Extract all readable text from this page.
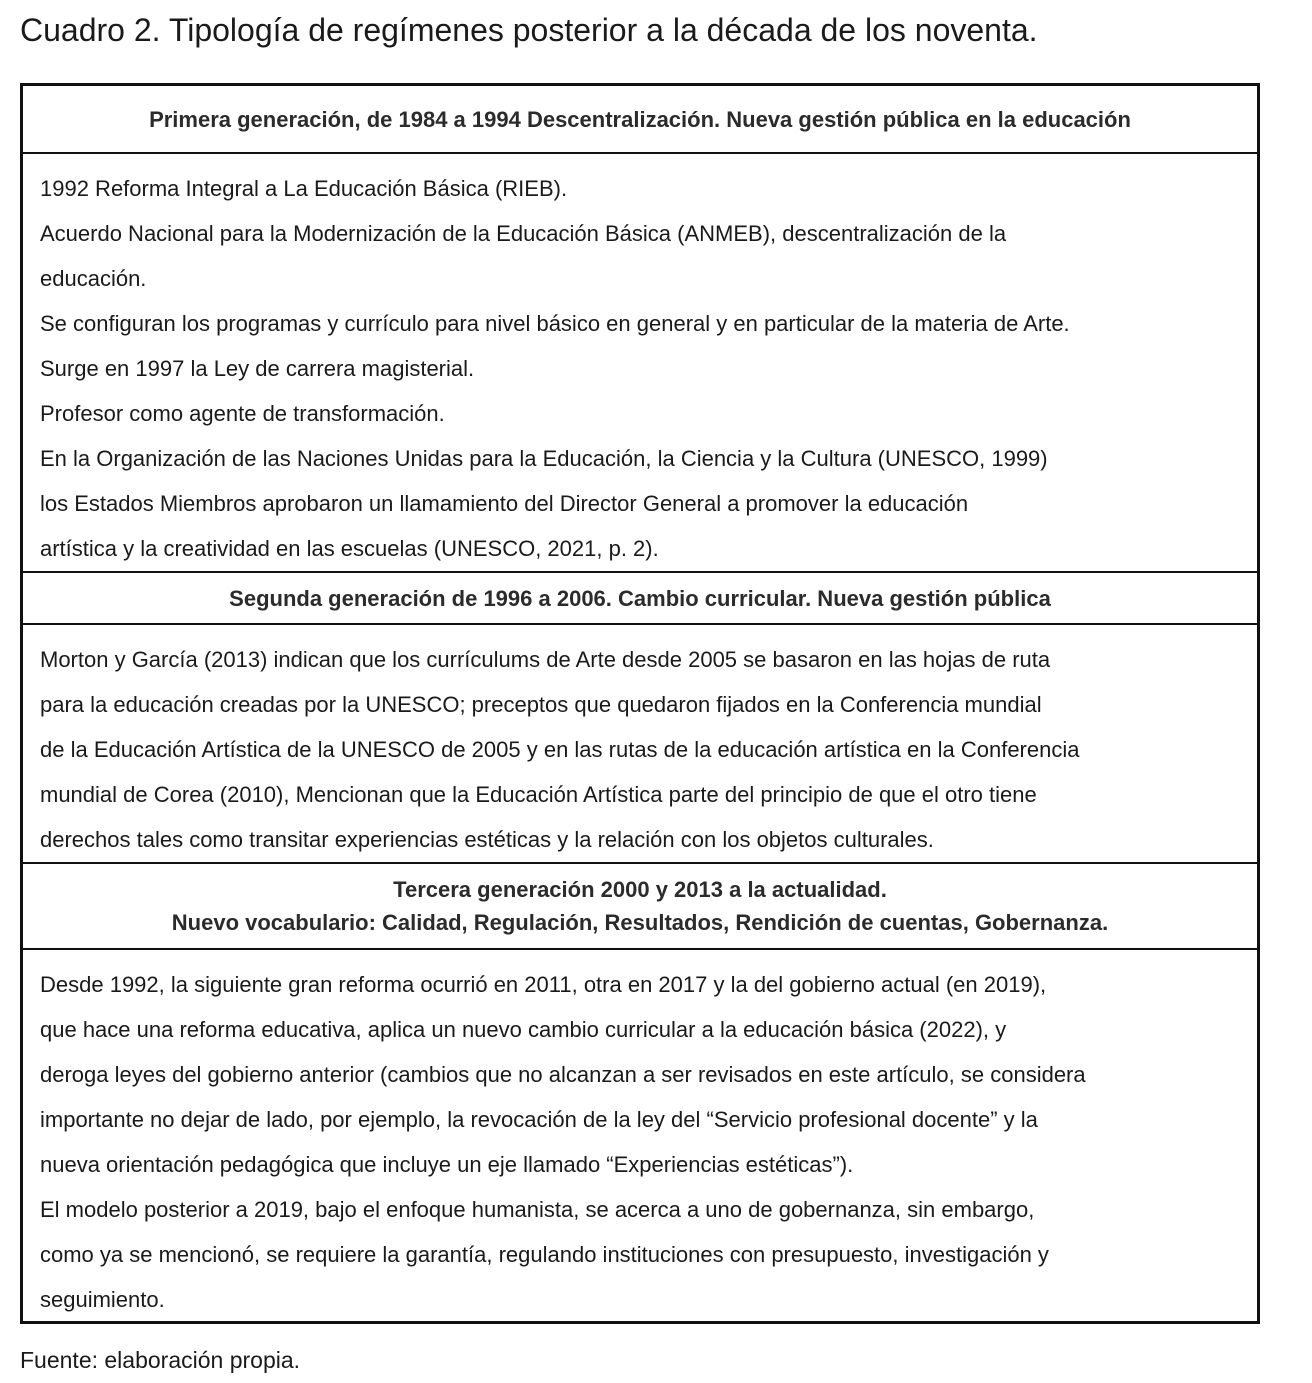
Cuadro 2. Tipología de regímenes posterior a la década de los noventa.
Primera generación, de 1984 a 1994 Descentralización. Nueva gestión pública en la educación
1992 Reforma Integral a La Educación Básica (RIEB).
Acuerdo Nacional para la Modernización de la Educación Básica (ANMEB), descentralización de la
educación.
Se configuran los programas y currículo para nivel básico en general y en particular de la materia de Arte.
Surge en 1997 la Ley de carrera magisterial.
Profesor como agente de transformación.
En la Organización de las Naciones Unidas para la Educación, la Ciencia y la Cultura (UNESCO, 1999)
los Estados Miembros aprobaron un llamamiento del Director General a promover la educación
artística y la creatividad en las escuelas (UNESCO, 2021, p. 2).
Segunda generación de 1996 a 2006. Cambio curricular. Nueva gestión pública
Morton y García (2013) indican que los currículums de Arte desde 2005 se basaron en las hojas de ruta
para la educación creadas por la UNESCO; preceptos que quedaron fijados en la Conferencia mundial
de la Educación Artística de la UNESCO de 2005 y en las rutas de la educación artística en la Conferencia
mundial de Corea (2010), Mencionan que la Educación Artística parte del principio de que el otro tiene
derechos tales como transitar experiencias estéticas y la relación con los objetos culturales.
Tercera generación 2000 y 2013 a la actualidad.
Nuevo vocabulario: Calidad, Regulación, Resultados, Rendición de cuentas, Gobernanza.
Desde 1992, la siguiente gran reforma ocurrió en 2011, otra en 2017 y la del gobierno actual (en 2019),
que hace una reforma educativa, aplica un nuevo cambio curricular a la educación básica (2022), y
deroga leyes del gobierno anterior (cambios que no alcanzan a ser revisados en este artículo, se considera
importante no dejar de lado, por ejemplo, la revocación de la ley del “Servicio profesional docente” y la
nueva orientación pedagógica que incluye un eje llamado “Experiencias estéticas”).
El modelo posterior a 2019, bajo el enfoque humanista, se acerca a uno de gobernanza, sin embargo,
como ya se mencionó, se requiere la garantía, regulando instituciones con presupuesto, investigación y
seguimiento.
Fuente: elaboración propia.
